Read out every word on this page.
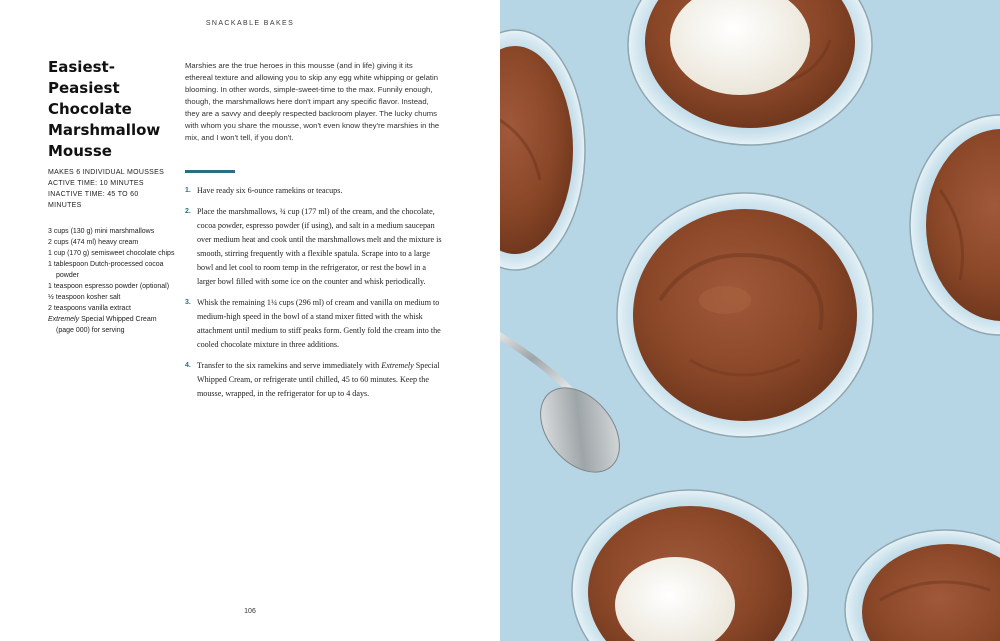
SNACKABLE BAKES
Easiest-Peasiest Chocolate Marshmallow Mousse
MAKES 6 INDIVIDUAL MOUSSES
ACTIVE TIME: 10 MINUTES
INACTIVE TIME: 45 TO 60 MINUTES
3 cups (130 g) mini marshmallows
2 cups (474 ml) heavy cream
1 cup (170 g) semisweet chocolate chips
1 tablespoon Dutch-processed cocoa powder
1 teaspoon espresso powder (optional)
½ teaspoon kosher salt
2 teaspoons vanilla extract
Extremely Special Whipped Cream (page 000) for serving

Marshies are the true heroes in this mousse (and in life) giving it its ethereal texture and allowing you to skip any egg white whipping or gelatin blooming. In other words, simple-sweet-time to the max. Funnily enough, though, the marshmallows here don't impart any specific flavor. Instead, they are a savvy and deeply respected backroom player. The lucky chums with whom you share the mousse, won't even know they're marshies in the mix, and I won't tell, if you don't.

1. Have ready six 6-ounce ramekins or teacups.
2. Place the marshmallows, ¾ cup (177 ml) of the cream, and the chocolate, cocoa powder, espresso powder (if using), and salt in a medium saucepan over medium heat and cook until the marshmallows melt and the mixture is smooth, stirring frequently with a flexible spatula. Scrape into to a large bowl and let cool to room temp in the refrigerator, or rest the bowl in a larger bowl filled with some ice on the counter and whisk periodically.
3. Whisk the remaining 1¼ cups (296 ml) of cream and vanilla on medium to medium-high speed in the bowl of a stand mixer fitted with the whisk attachment until medium to stiff peaks form. Gently fold the cream into the cooled chocolate mixture in three additions.
4. Transfer to the six ramekins and serve immediately with Extremely Special Whipped Cream, or refrigerate until chilled, 45 to 60 minutes. Keep the mousse, wrapped, in the refrigerator for up to 4 days.
106
